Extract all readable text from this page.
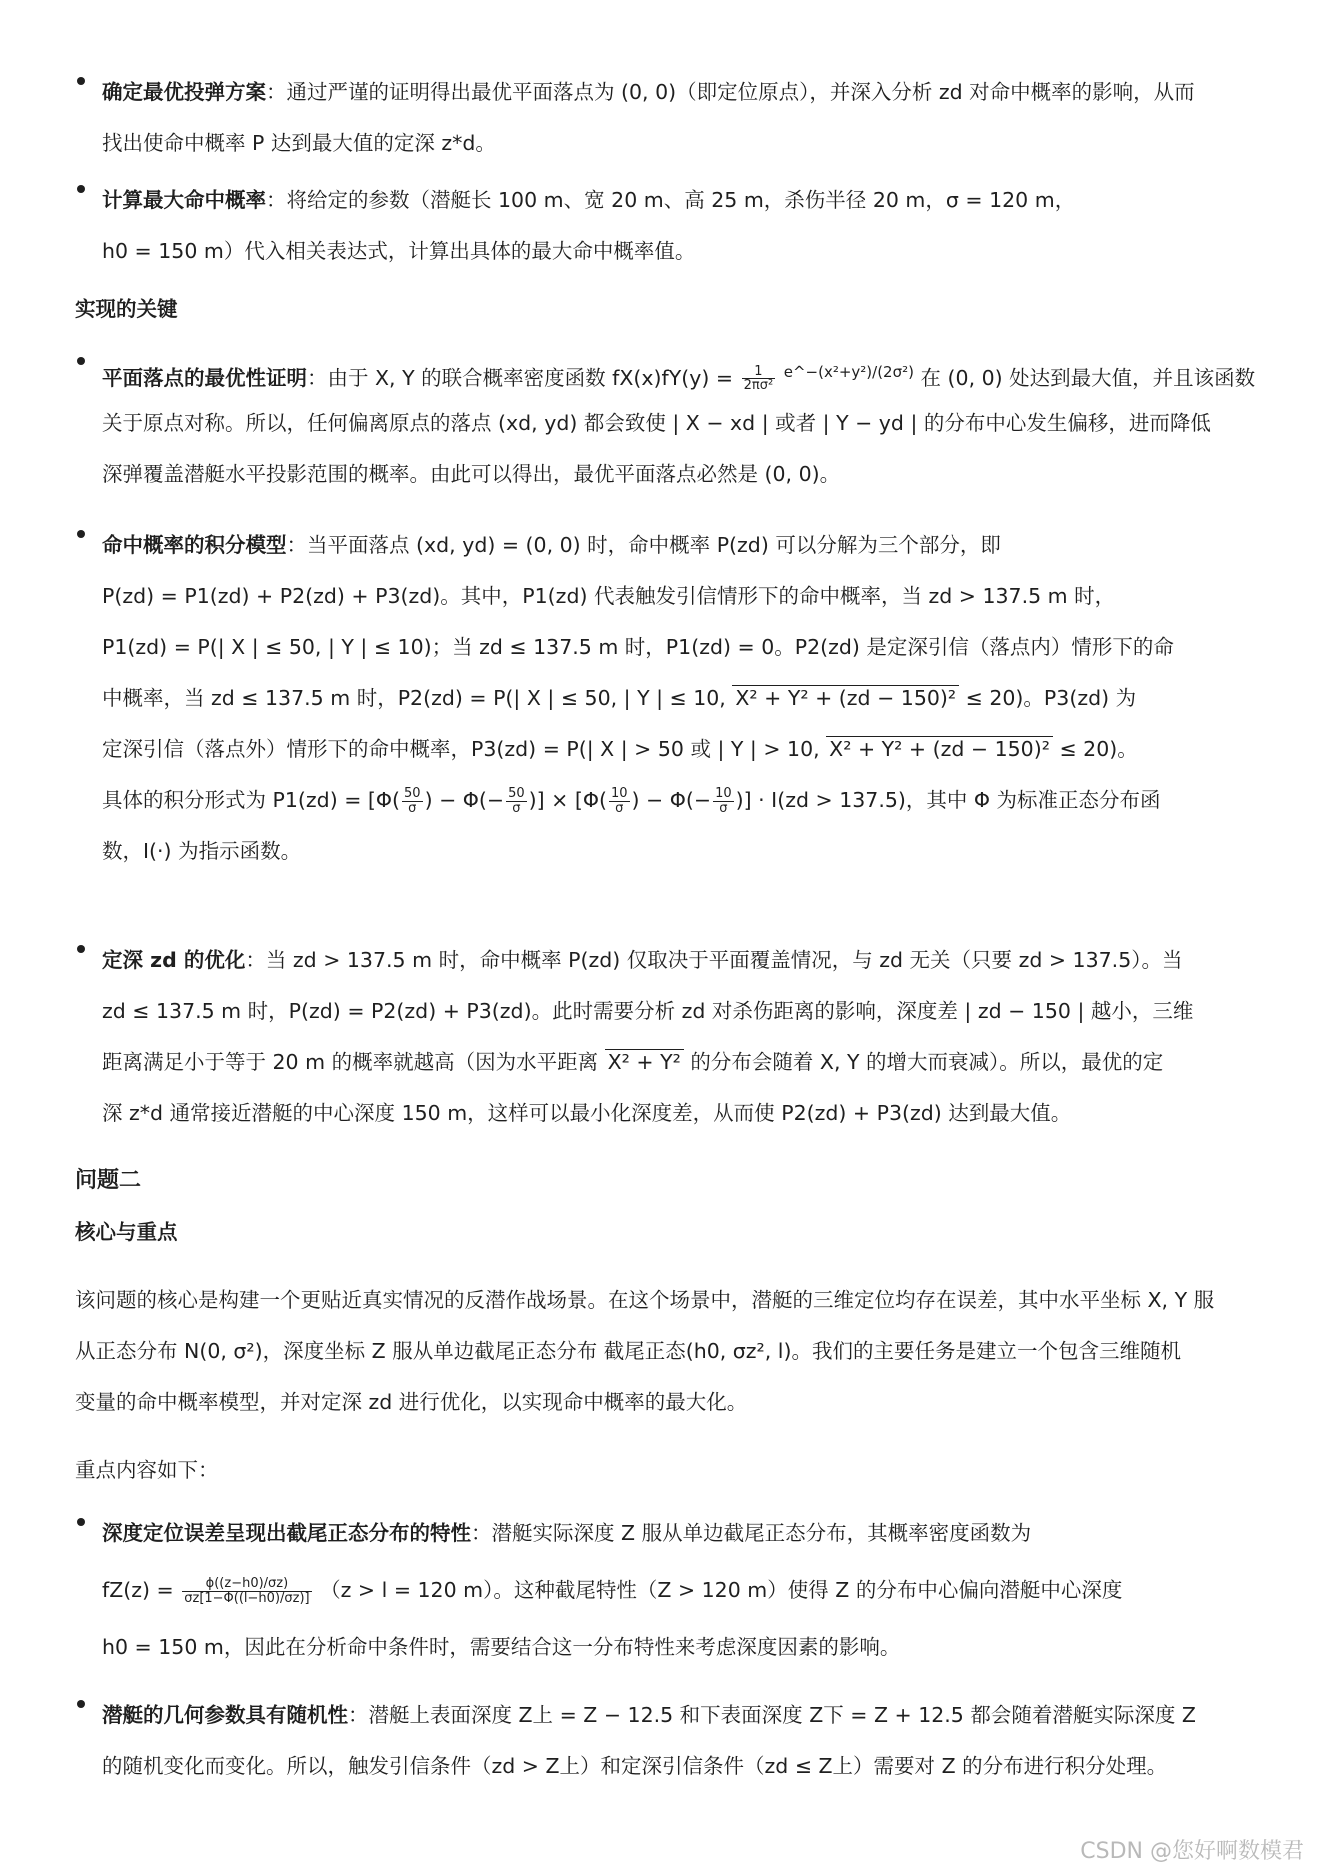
确定最优投弹方案：通过严谨的证明得出最优平面落点为 (0, 0)（即定位原点），并深入分析 zd 对命中概率的影响，从而
找出使命中概率 P 达到最大值的定深 z*d。
计算最大命中概率：将给定的参数（潜艇长 100 m、宽 20 m、高 25 m，杀伤半径 20 m，σ = 120 m，
h0 = 150 m）代入相关表达式，计算出具体的最大命中概率值。
实现的关键
平面落点的最优性证明：由于 X, Y 的联合概率密度函数 $fX(x)fY(y) = \frac{1}{\text{2πσ²}} ^{e\^{}-(x^2+y^2)/(2\sigma^2)}$ 在 (0, 0) 处达到最大值，并且该函数
关于原点对称。所以，任何偏离原点的落点 (xd, yd) 都会致使 | X − xd | 或者 | Y − yd | 的分布中心发生偏移，进而降低
深弹覆盖潜艇水平投影范围的概率。由此可以得出，最优平面落点必然是 (0, 0)。
命中概率的积分模型：当平面落点 (xd, yd) = (0, 0) 时，命中概率 P(zd) 可以分解为三个部分，即
P(zd) = P1(zd) + P2(zd) + P3(zd)。其中，P1(zd) 代表触发引信情形下的命中概率，当 zd > 137.5 m 时，
P1(zd) = P(| X | ≤ 50, | Y | ≤ 10)；当 zd ≤ 137.5 m 时，P1(zd) = 0。P2(zd) 是定深引信（落点内）情形下的命
中概率，当 zd ≤ 137.5 m 时，P2(zd) = P(| X | ≤ 50, | Y | ≤ 10, X² + Y² + (zd − 150)² ≤ 20)。P3(zd) 为
定深引信（落点外）情形下的命中概率，P3(zd) = P(| X | > 50 或 | Y | > 10, X² + Y² + (zd − 150)² ≤ 20)。
具体的积分形式为 $P1(zd) = [\Phi( \frac{50}{\sigma}$ ) − $\Phi(- \frac{50}{\sigma}$ )] × [$\Phi( \frac{10}{\sigma}$ ) − $\Phi(- \frac{10}{\sigma}$ )] · I(zd > 137.5)，其中 Φ 为标准正态分布函
数，I(·) 为指示函数。
定深 zd 的优化：当 zd > 137.5 m 时，命中概率 P(zd) 仅取决于平面覆盖情况，与 zd 无关（只要 zd > 137.5）。当
zd ≤ 137.5 m 时，P(zd) = P2(zd) + P3(zd)。此时需要分析 zd 对杀伤距离的影响，深度差 | zd − 150 | 越小，三维
距离满足小于等于 20 m 的概率就越高（因为水平距离 X² + Y² 的分布会随着 X, Y 的增大而衰减）。所以，最优的定
深 z*d 通常接近潜艇的中心深度 150 m，这样可以最小化深度差，从而使 P2(zd) + P3(zd) 达到最大值。
问题二
核心与重点
该问题的核心是构建一个更贴近真实情况的反潜作战场景。在这个场景中，潜艇的三维定位均存在误差，其中水平坐标 X, Y 服
从正态分布 N(0, σ²)，深度坐标 Z 服从单边截尾正态分布 截尾正态(h0, σz², l)。我们的主要任务是建立一个包含三维随机
变量的命中概率模型，并对定深 zd 进行优化，以实现命中概率的最大化。
重点内容如下：
深度定位误差呈现出截尾正态分布的特性：潜艇实际深度 Z 服从单边截尾正态分布，其概率密度函数为
$fZ(z) = \frac{\phi((z-h0)/\sigma z)}{\sigma z[1-\Phi((l-h0)/\sigma z)]} (z > l = 120$ m）。这种截尾特性（Z > 120 m）使得 Z 的分布中心偏向潜艇中心深度
h0 = 150 m，因此在分析命中条件时，需要结合这一分布特性来考虑深度因素的影响。
潜艇的几何参数具有随机性：潜艇上表面深度 Z上 = Z − 12.5 和下表面深度 Z下 = Z + 12.5 都会随着潜艇实际深度 Z
的随机变化而变化。所以，触发引信条件（zd > Z上）和定深引信条件（zd ≤ Z上）需要对 Z 的分布进行积分处理。
CSDN @您好啊数模君
